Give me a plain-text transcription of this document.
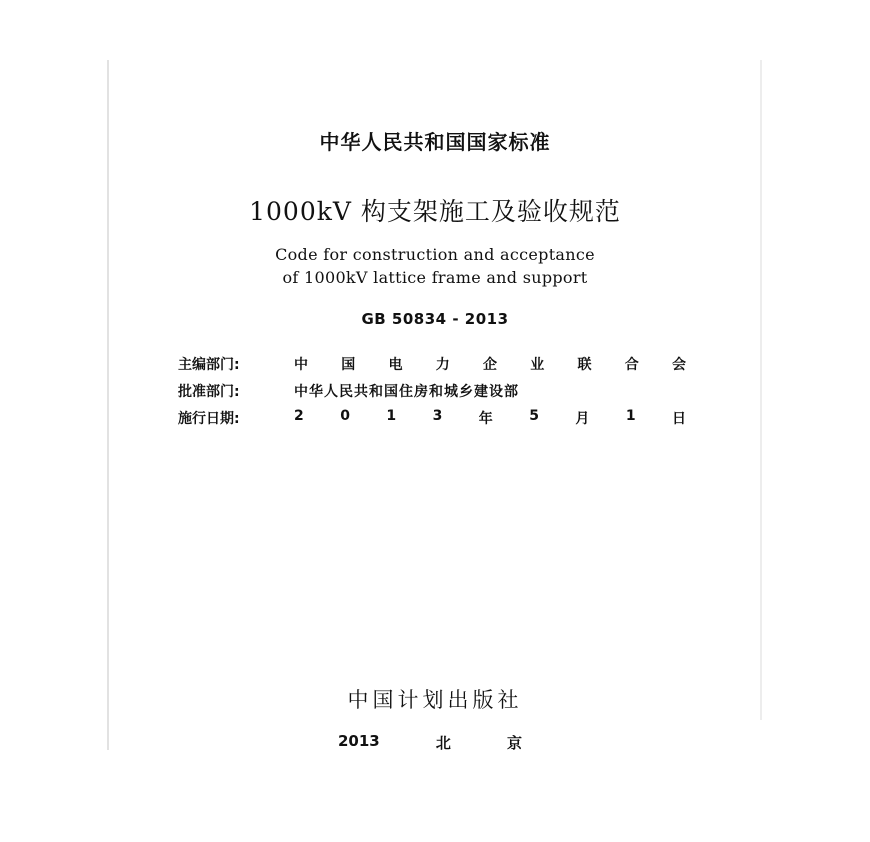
中华人民共和国国家标准
1000kV 构支架施工及验收规范
Code for construction and acceptance
of 1000kV lattice frame and support
GB 50834 - 2013
主编部门:	中 国 电 力 企 业 联 合 会
批准部门:	中华人民共和国住房和城乡建设部
施行日期:	2	0	1	3	年	5	月	1	日
中国计划出版社
2013	北	京
